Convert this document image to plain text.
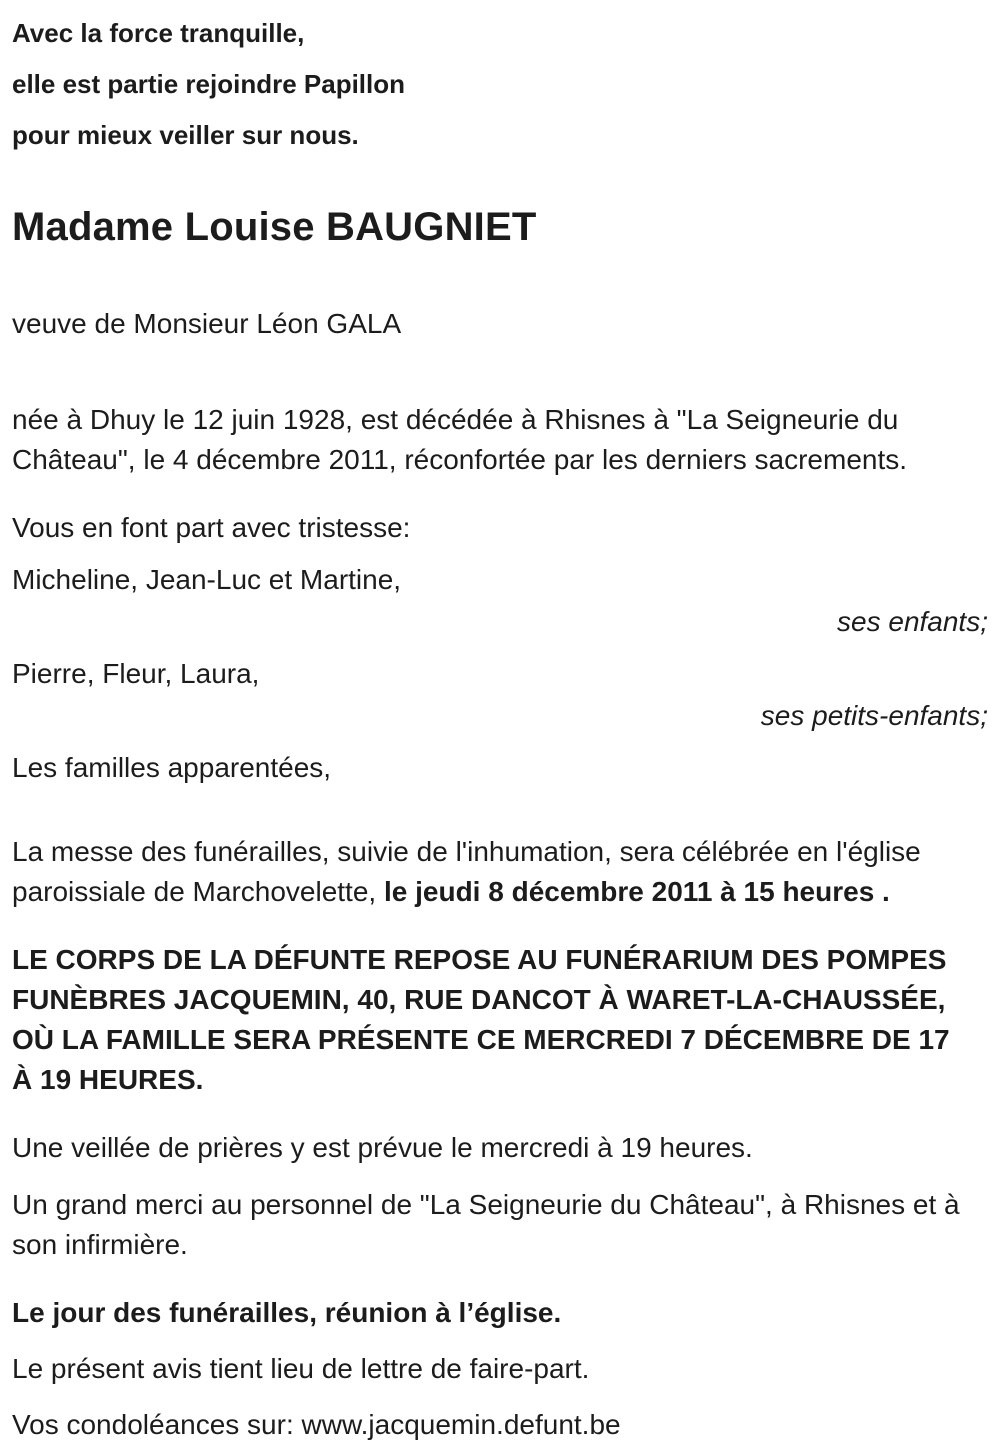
Avec la force tranquille,
elle est partie rejoindre Papillon
pour mieux veiller sur nous.
Madame Louise BAUGNIET
veuve de Monsieur Léon GALA

née à Dhuy le 12 juin 1928, est décédée à Rhisnes à "La Seigneurie du Château", le 4 décembre 2011, réconfortée par les derniers sacrements.

Vous en font part avec tristesse:
Micheline, Jean-Luc et Martine,
ses enfants;
Pierre, Fleur, Laura,
ses petits-enfants;
Les familles apparentées,

La messe des funérailles, suivie de l'inhumation, sera célébrée en l'église paroissiale de Marchovelette, le jeudi 8 décembre 2011 à 15 heures .

LE CORPS DE LA DÉFUNTE REPOSE AU FUNÉRARIUM DES POMPES FUNÈBRES JACQUEMIN, 40, RUE DANCOT À WARET-LA-CHAUSSÉE, OÙ LA FAMILLE SERA PRÉSENTE CE MERCREDI 7 DÉCEMBRE DE 17 À 19 HEURES.

Une veillée de prières y est prévue le mercredi à 19 heures.

Un grand merci au personnel de "La Seigneurie du Château", à Rhisnes et à son infirmière.

Le jour des funérailles, réunion à l’église.
Le présent avis tient lieu de lettre de faire-part.
Vos condoléances sur: www.jacquemin.defunt.be
